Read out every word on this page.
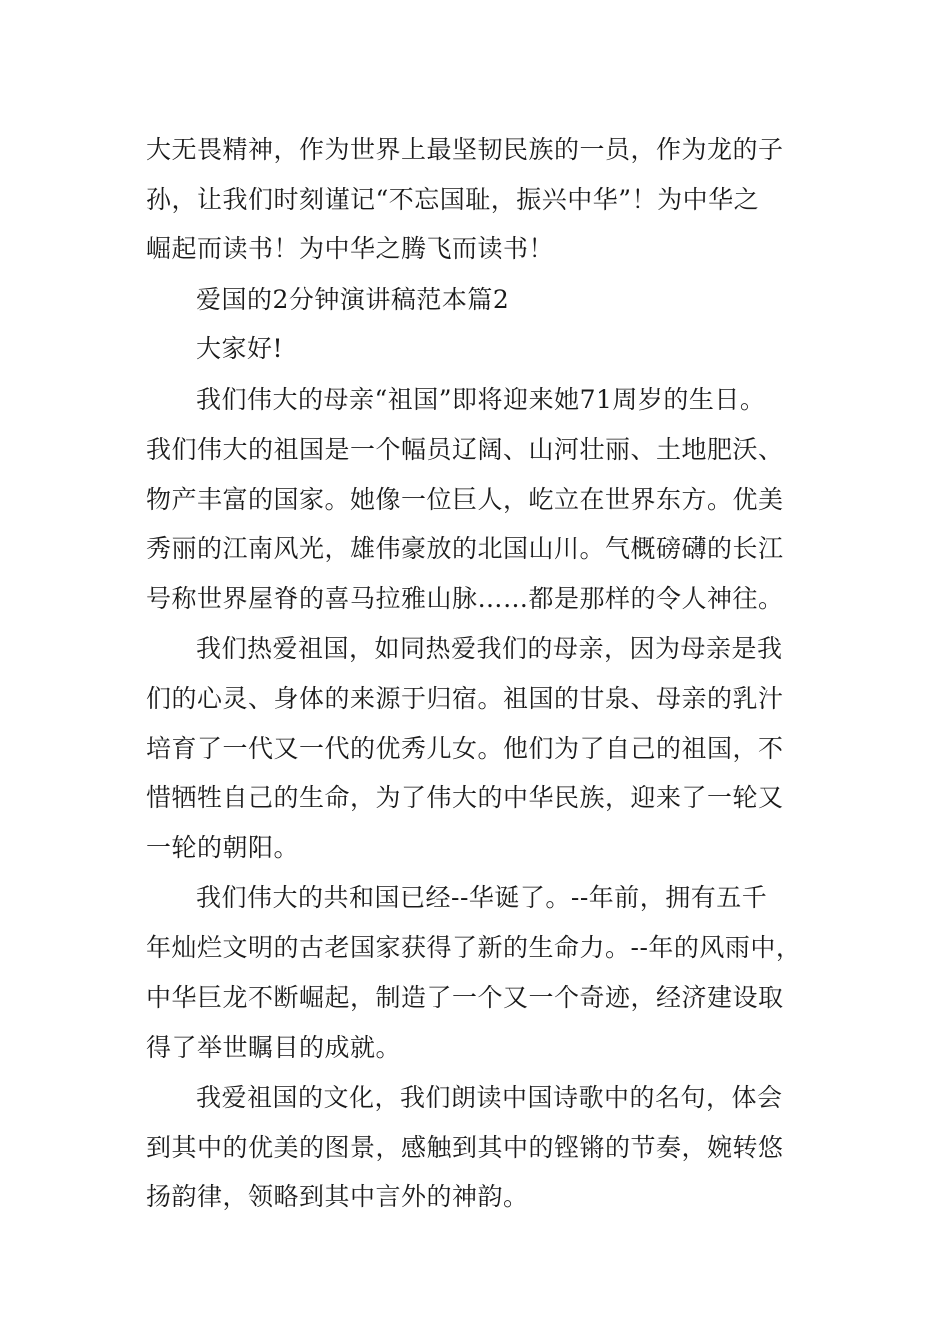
大无畏精神，作为世界上最坚韧民族的一员，作为龙的子
孙，让我们时刻谨记“不忘国耻，振兴中华”！为中华之
崛起而读书！为中华之腾飞而读书！
爱国的2分钟演讲稿范本篇2
大家好!
我们伟大的母亲“祖国”即将迎来她71周岁的生日。
我们伟大的祖国是一个幅员辽阔、山河壮丽、土地肥沃、
物产丰富的国家。她像一位巨人，屹立在世界东方。优美
秀丽的江南风光，雄伟豪放的北国山川。气概磅礴的长江
号称世界屋脊的喜马拉雅山脉……都是那样的令人神往。
我们热爱祖国，如同热爱我们的母亲，因为母亲是我
们的心灵、身体的来源于归宿。祖国的甘泉、母亲的乳汁
培育了一代又一代的优秀儿女。他们为了自己的祖国，不
惜牺牲自己的生命，为了伟大的中华民族，迎来了一轮又
一轮的朝阳。
我们伟大的共和国已经--华诞了。--年前，拥有五千
年灿烂文明的古老国家获得了新的生命力。--年的风雨中，
中华巨龙不断崛起，制造了一个又一个奇迹，经济建设取
得了举世瞩目的成就。
我爱祖国的文化，我们朗读中国诗歌中的名句，体会
到其中的优美的图景，感触到其中的铿锵的节奏，婉转悠
扬韵律，领略到其中言外的神韵。
